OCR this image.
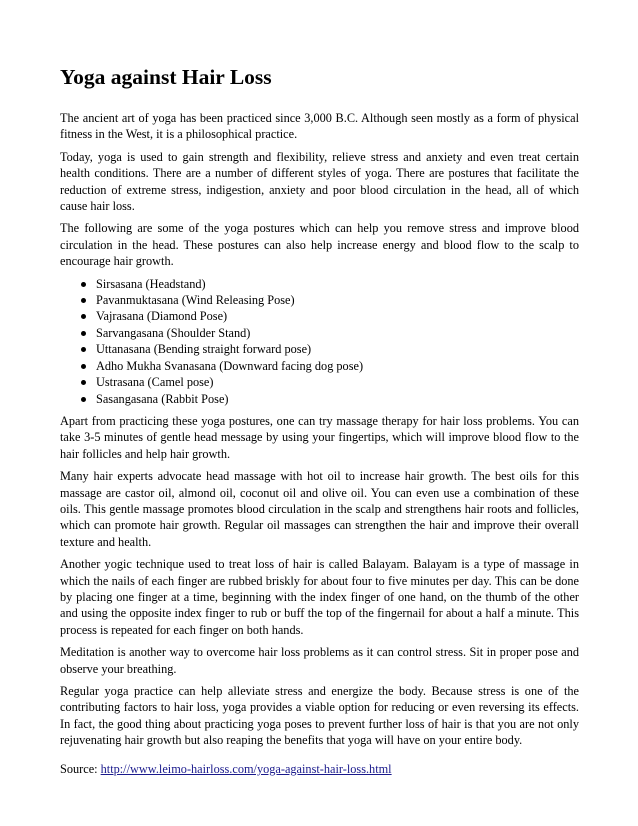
Yoga against Hair Loss

The ancient art of yoga has been practiced since 3,000 B.C. Although seen mostly as a form of physical fitness in the West, it is a philosophical practice.

Today, yoga is used to gain strength and flexibility, relieve stress and anxiety and even treat certain health conditions. There are a number of different styles of yoga. There are postures that facilitate the reduction of extreme stress, indigestion, anxiety and poor blood circulation in the head, all of which cause hair loss.

The following are some of the yoga postures which can help you remove stress and improve blood circulation in the head. These postures can also help increase energy and blood flow to the scalp to encourage hair growth.

Sirsasana (Headstand)
Pavanmuktasana (Wind Releasing Pose)
Vajrasana (Diamond Pose)
Sarvangasana (Shoulder Stand)
Uttanasana (Bending straight forward pose)
Adho Mukha Svanasana (Downward facing dog pose)
Ustrasana (Camel pose)
Sasangasana (Rabbit Pose)

Apart from practicing these yoga postures, one can try massage therapy for hair loss problems. You can take 3-5 minutes of gentle head message by using your fingertips, which will improve blood flow to the hair follicles and help hair growth.

Many hair experts advocate head massage with hot oil to increase hair growth. The best oils for this massage are castor oil, almond oil, coconut oil and olive oil. You can even use a combination of these oils. This gentle massage promotes blood circulation in the scalp and strengthens hair roots and follicles, which can promote hair growth. Regular oil massages can strengthen the hair and improve their overall texture and health.

Another yogic technique used to treat loss of hair is called Balayam. Balayam is a type of massage in which the nails of each finger are rubbed briskly for about four to five minutes per day. This can be done by placing one finger at a time, beginning with the index finger of one hand, on the thumb of the other and using the opposite index finger to rub or buff the top of the fingernail for about a half a minute. This process is repeated for each finger on both hands.

Meditation is another way to overcome hair loss problems as it can control stress. Sit in proper pose and observe your breathing.

Regular yoga practice can help alleviate stress and energize the body. Because stress is one of the contributing factors to hair loss, yoga provides a viable option for reducing or even reversing its effects. In fact, the good thing about practicing yoga poses to prevent further loss of hair is that you are not only rejuvenating hair growth but also reaping the benefits that yoga will have on your entire body.

Source: http://www.leimo-hairloss.com/yoga-against-hair-loss.html
